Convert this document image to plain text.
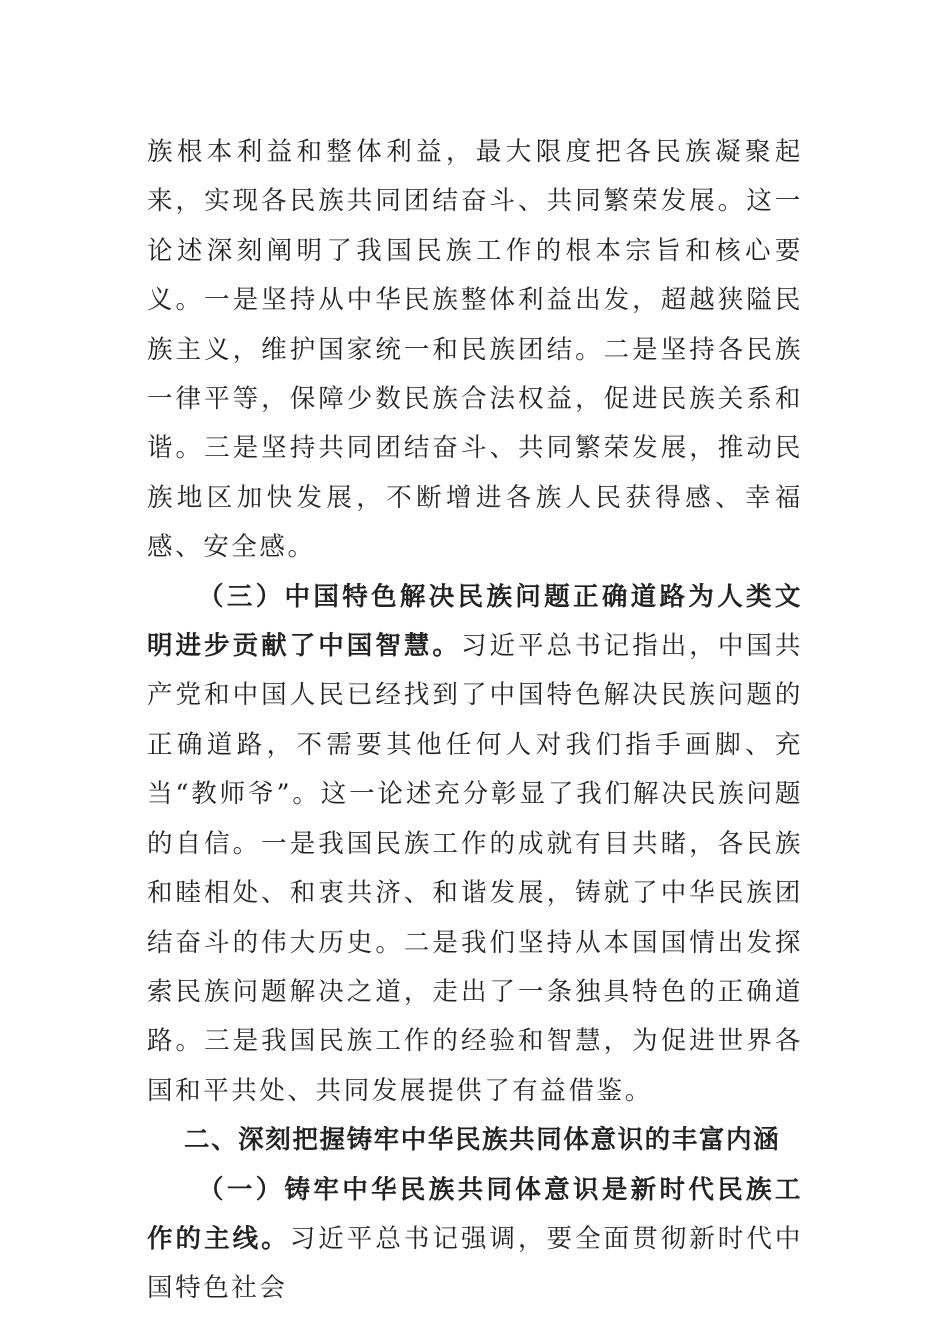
族根本利益和整体利益，最大限度把各民族凝聚起来，实现各民族共同团结奋斗、共同繁荣发展。这一论述深刻阐明了我国民族工作的根本宗旨和核心要义。一是坚持从中华民族整体利益出发，超越狭隘民族主义，维护国家统一和民族团结。二是坚持各民族一律平等，保障少数民族合法权益，促进民族关系和谐。三是坚持共同团结奋斗、共同繁荣发展，推动民族地区加快发展，不断增进各族人民获得感、幸福感、安全感。

（三）中国特色解决民族问题正确道路为人类文明进步贡献了中国智慧。习近平总书记指出，中国共产党和中国人民已经找到了中国特色解决民族问题的正确道路，不需要其他任何人对我们指手画脚、充当“教师爷”。这一论述充分彰显了我们解决民族问题的自信。一是我国民族工作的成就有目共睹，各民族和睦相处、和衷共济、和谐发展，铸就了中华民族团结奋斗的伟大历史。二是我们坚持从本国国情出发探索民族问题解决之道，走出了一条独具特色的正确道路。三是我国民族工作的经验和智慧，为促进世界各国和平共处、共同发展提供了有益借鉴。

二、深刻把握铸牢中华民族共同体意识的丰富内涵

（一）铸牢中华民族共同体意识是新时代民族工作的主线。习近平总书记强调，要全面贯彻新时代中国特色社会
